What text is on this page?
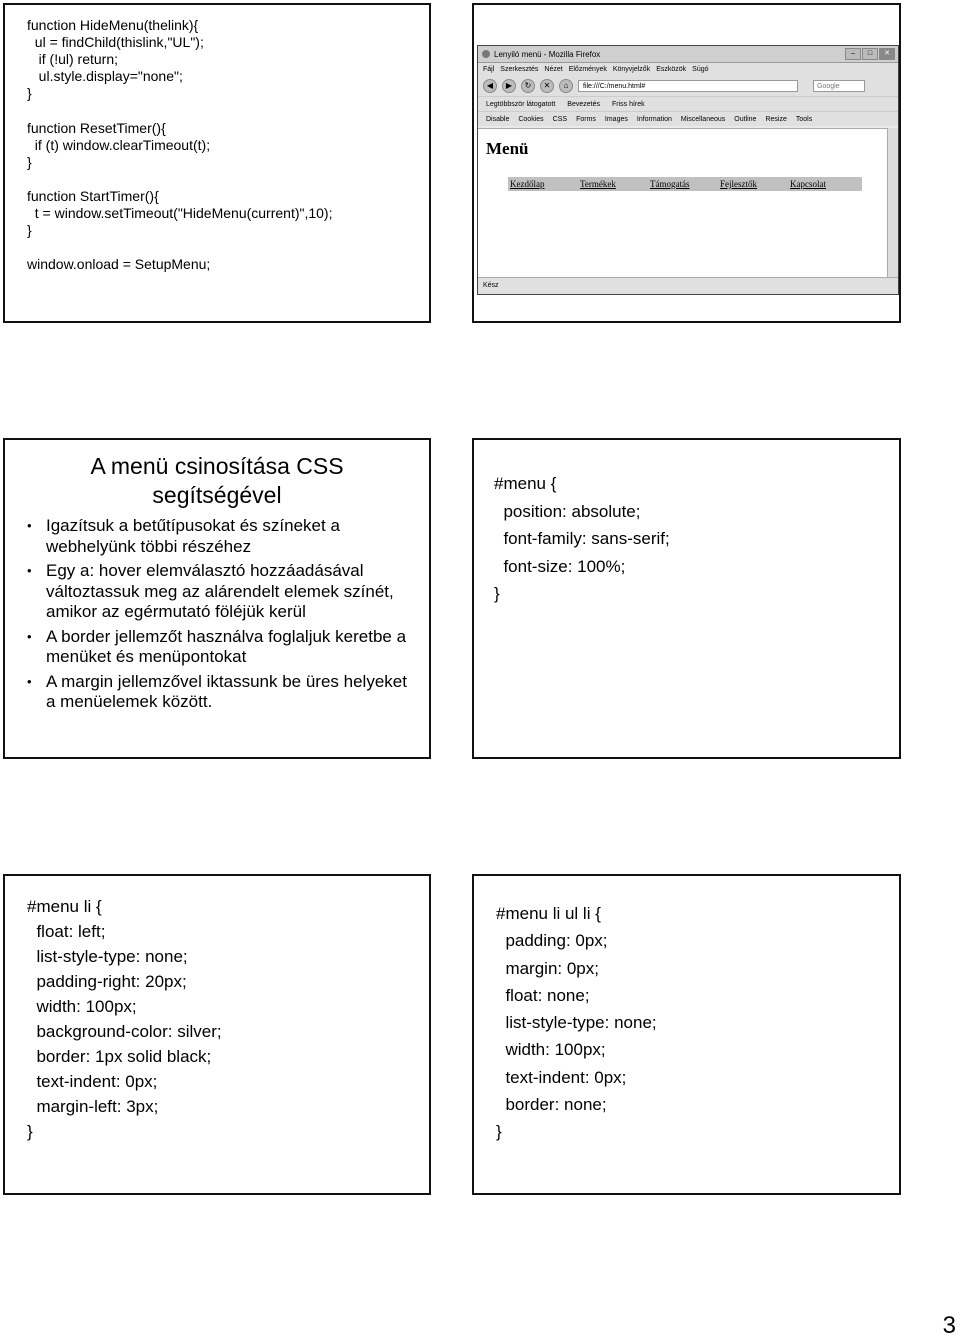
function HideMenu(thelink){
ul = findChild(thislink,"UL");
if (!ul) return;
ul.style.display="none";
}

function ResetTimer(){
if (t) window.clearTimeout(t);
}

function StartTimer(){
t = window.setTimeout("HideMenu(current)",10);
}

window.onload = SetupMenu;
Lenyiló menü - Mozilla Firefox	–	□	✕
Fájl Szerkesztés Nézet Előzmények Könyvjelzők Eszközök Súgó
◀	▶	↻	✕	⌂	file:///C:/menu.html#	Google
Legtöbbször látogatott Bevezetés Friss hírek
Disable Cookies CSS Forms Images Information Miscellaneous Outline Resize Tools
Menü
Kezdőlap	Termékek	Támogatás	Fejlesztők	Kapcsolat
Kész
A menü csinosítása CSS segítségével
• Igazítsuk a betűtípusokat és színeket a webhelyünk többi részéhez
• Egy a: hover elemválasztó hozzáadásával változtassuk meg az alárendelt elemek színét, amikor az egérmutató föléjük kerül
• A border jellemzőt használva foglaljuk keretbe a menüket és menüpontokat
• A margin jellemzővel iktassunk be üres helyeket a menüelemek között.
#menu {
position: absolute;
font-family: sans-serif;
font-size: 100%;
}
#menu li {
float: left;
list-style-type: none;
padding-right: 20px;
width: 100px;
background-color: silver;
border: 1px solid black;
text-indent: 0px;
margin-left: 3px;
}
#menu li ul li {
padding: 0px;
margin: 0px;
float: none;
list-style-type: none;
width: 100px;
text-indent: 0px;
border: none;
}
3
